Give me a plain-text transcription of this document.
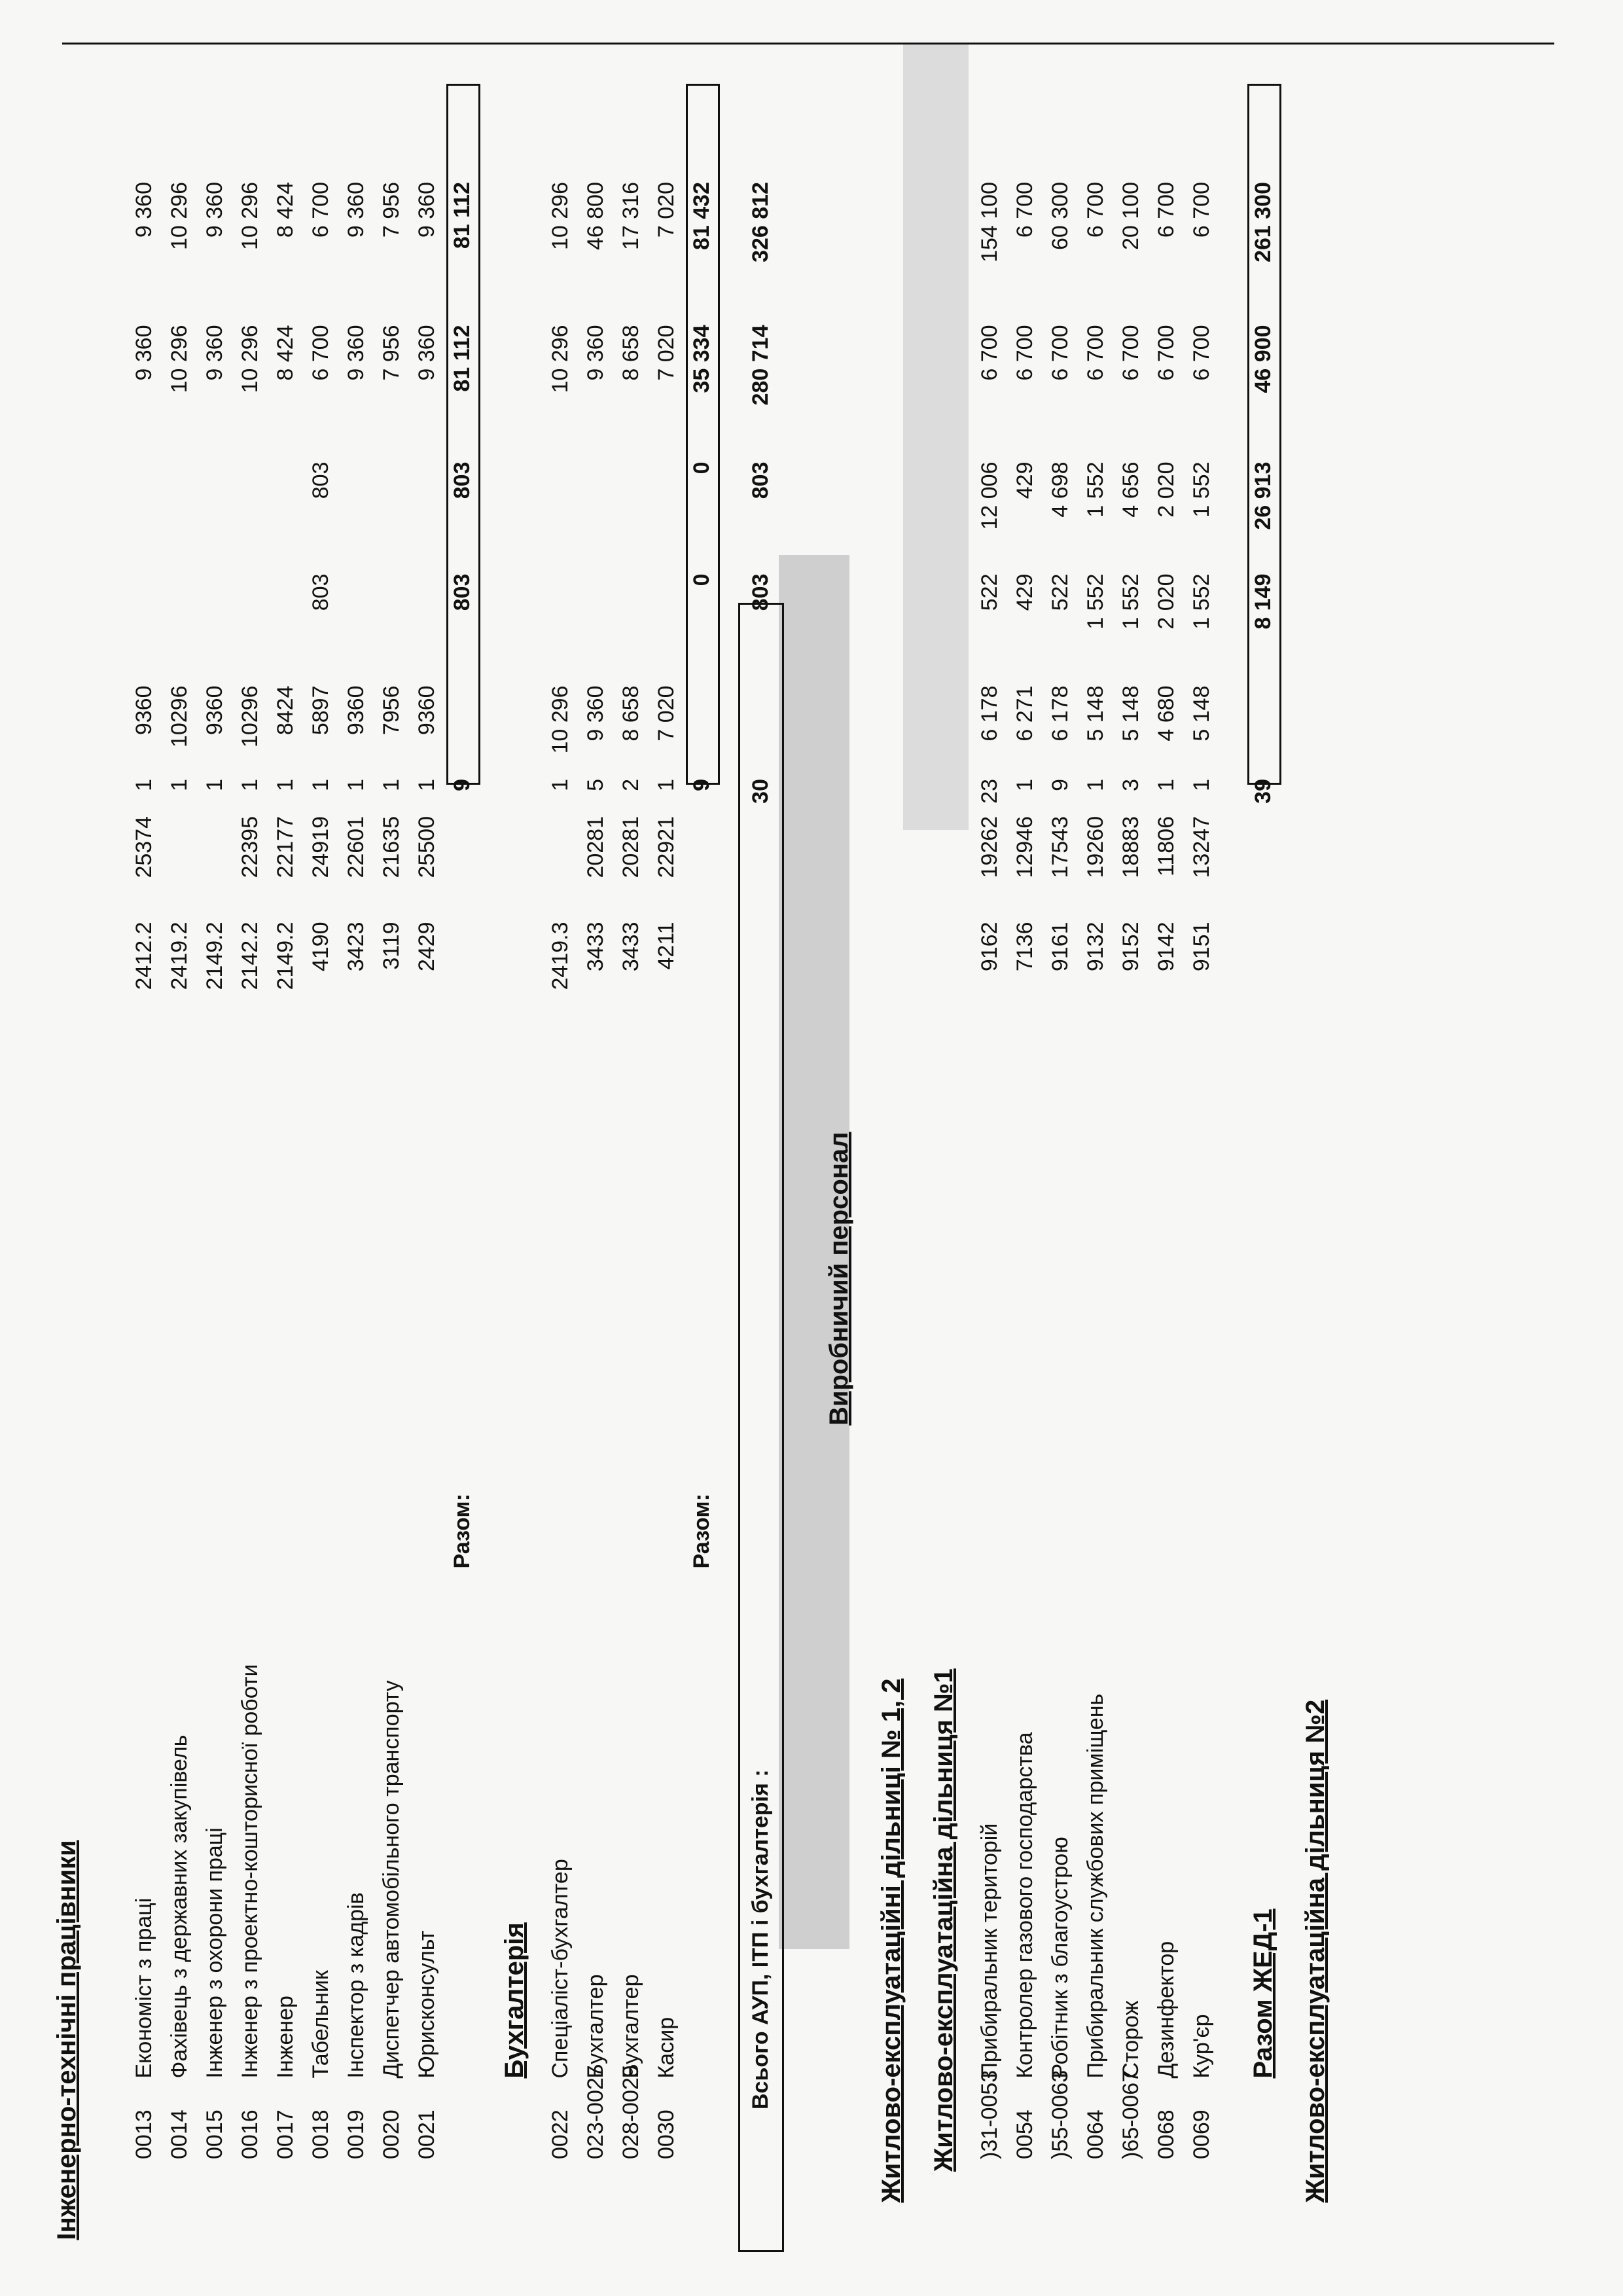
Інженерно-технічні працівники 0013
Економіст з праці
2412.2
25374
1
9360
9 360
9 360
0014
Фахівець з державних закупівель
2419.2
1
10296
10 296
10 296
0015
Інженер з охорони праці
2149.2
1
9360
9 360
9 360
0016
Інженер з проектно-кошторисної роботи
2142.2
22395
1
10296
10 296
10 296
0017
Інженер
2149.2
22177
1
8424
8 424
8 424
0018
Табельник
4190
24919
1
5897
803
803
6 700
6 700
0019
Інспектор з кадрів
3423
22601
1
9360
9 360
9 360
0020
Диспетчер автомобільного транспорту
3119
21635
1
7956
7 956
7 956
0021
Юрисконсульт
2429
25500
1
9360
9 360
9 360
Разом:
9
803
803
81 112
81 112
Бухгалтерія
0022
Спеціаліст-бухгалтер
2419.3
1
10 296
10 296
10 296
023-0027
Бухгалтер
3433
20281
5
9 360
9 360
46 800
028-0029
Бухгалтер
3433
20281
2
8 658
8 658
17 316
0030
Касир
4211
22921
1
7 020
7 020
7 020
Разом:
9
0
0
35 334
81 432
Всього АУП, ІТП і бухгалтерія :
30
803
803
280 714
326 812
Виробничий персонал
Житлово-експлуатаційні дільниці № 1, 2 Житлово-експлуатаційна дільниця №1 )31-0053
Прибиральник територій
9162
19262
23
6 178
522
12 006
6 700
154 100
0054
Контролер газового господарства
7136
12946
1
6 271
429
429
6 700
6 700
)55-0063
Робітник з благоустрою
9161
17543
9
6 178
522
4 698
6 700
60 300
0064
Прибиральник службових приміщень
9132
19260
1
5 148
1 552
1 552
6 700
6 700
)65-0067
Сторож
9152
18883
3
5 148
1 552
4 656
6 700
20 100
0068
Дезинфектор
9142
11806
1
4 680
2 020
2 020
6 700
6 700
0069
Кур'єр
9151
13247
1
5 148
1 552
1 552
6 700
6 700
Разом ЖЕД-1
39
8 149
26 913
46 900
261 300
Житлово-експлуатаційна дільниця №2
